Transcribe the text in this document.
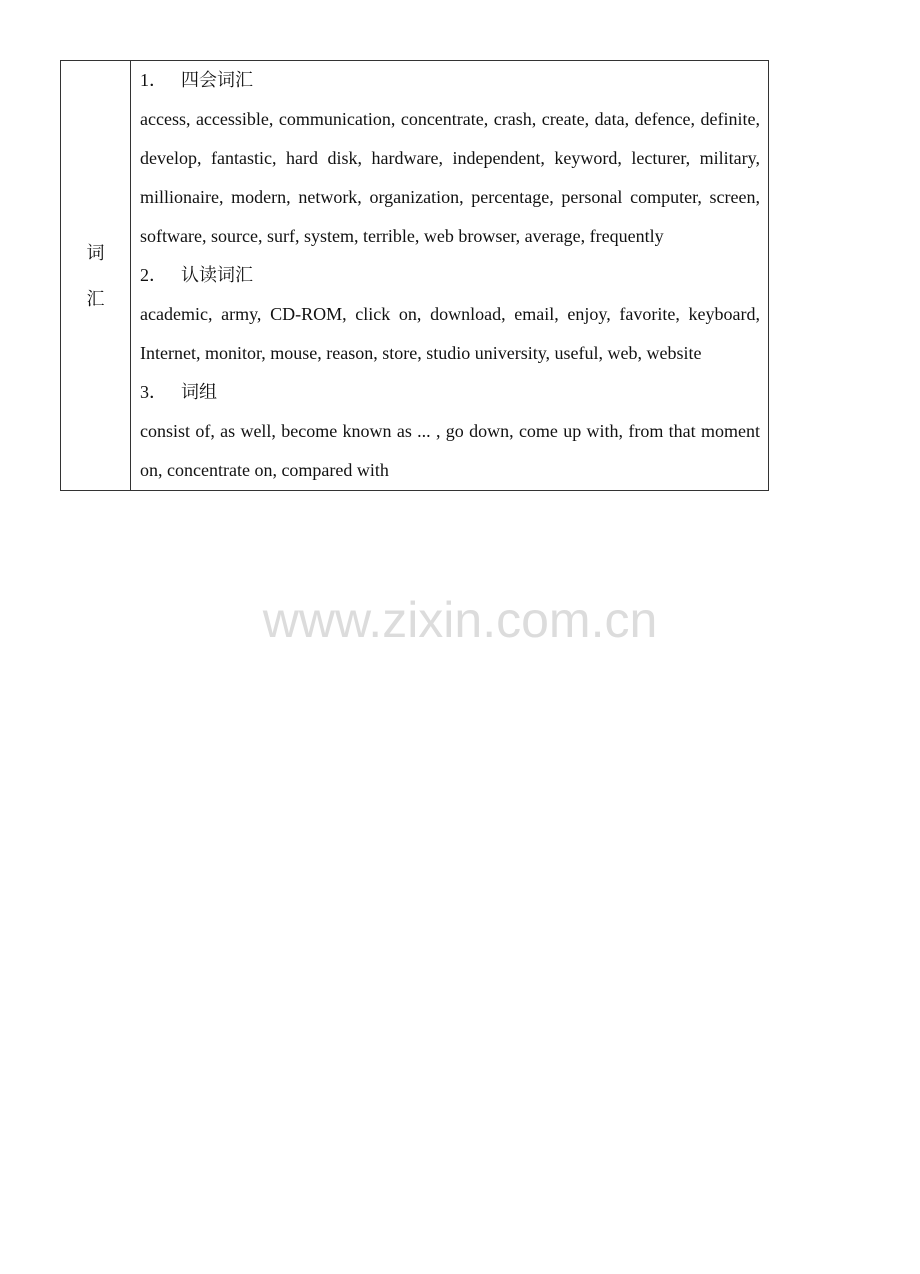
词
汇

1． 四会词汇

access, accessible, communication, concentrate, crash, create, data, defence, definite, develop, fantastic, hard disk, hardware, independent, keyword, lecturer, military, millionaire, modern, network, organization, percentage, personal computer, screen, software, source, surf, system, terrible, web browser, average, frequently

2． 认读词汇

academic, army, CD-ROM, click on, download, email, enjoy, favorite, keyboard, Internet, monitor, mouse, reason, store, studio university, useful, web, website

3． 词组

consist of, as well, become known as ... , go down, come up with, from that moment on, concentrate on, compared with

www.zixin.com.cn
